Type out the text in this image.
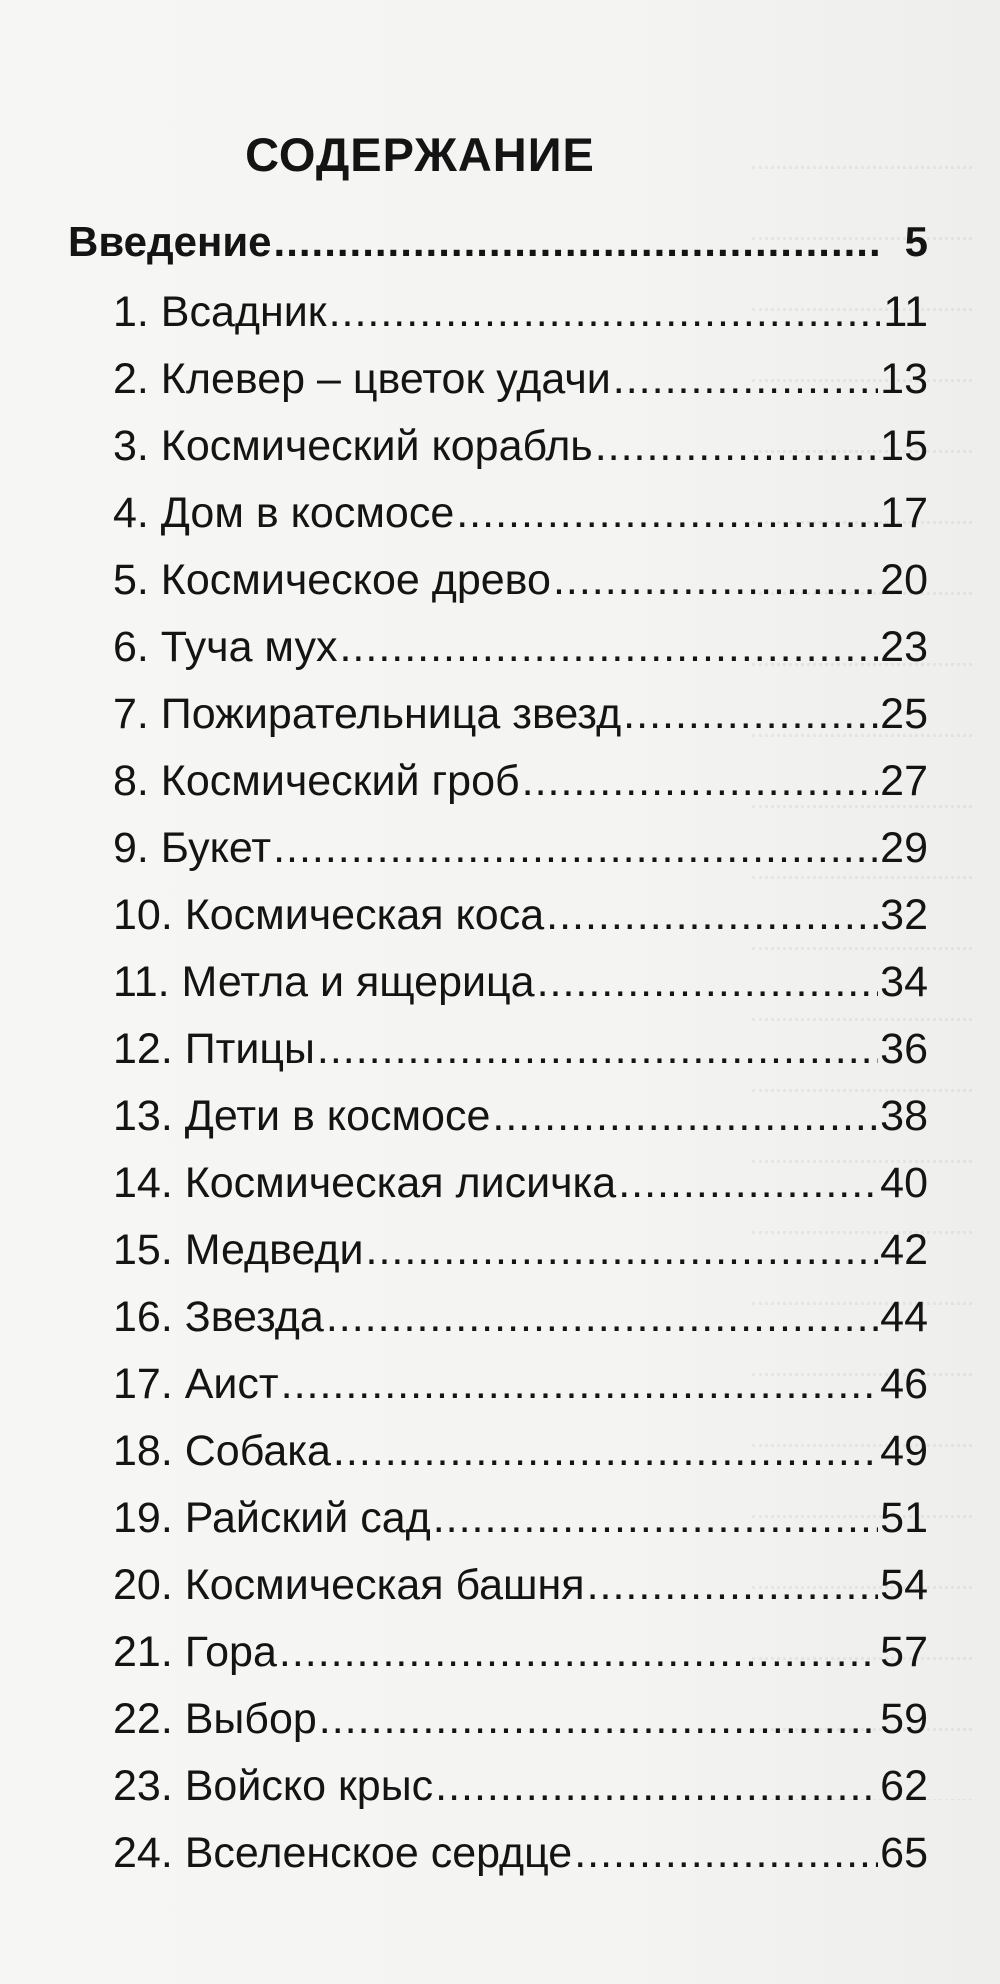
СОДЕРЖАНИЕ
Введение .....	5
1. Всадник .....	11
2. Клевер – цветок удачи .....	13
3. Космический корабль .....	15
4. Дом в космосе .....	17
5. Космическое древо .....	20
6. Туча мух .....	23
7. Пожирательница звезд .....	25
8. Космический гроб .....	27
9. Букет .....	29
10. Космическая коса .....	32
11. Метла и ящерица .....	34
12. Птицы .....	36
13. Дети в космосе .....	38
14. Космическая лисичка .....	40
15. Медведи .....	42
16. Звезда .....	44
17. Аист .....	46
18. Собака .....	49
19. Райский сад .....	51
20. Космическая башня .....	54
21. Гора .....	57
22. Выбор .....	59
23. Войско крыс .....	62
24. Вселенское сердце .....	65
